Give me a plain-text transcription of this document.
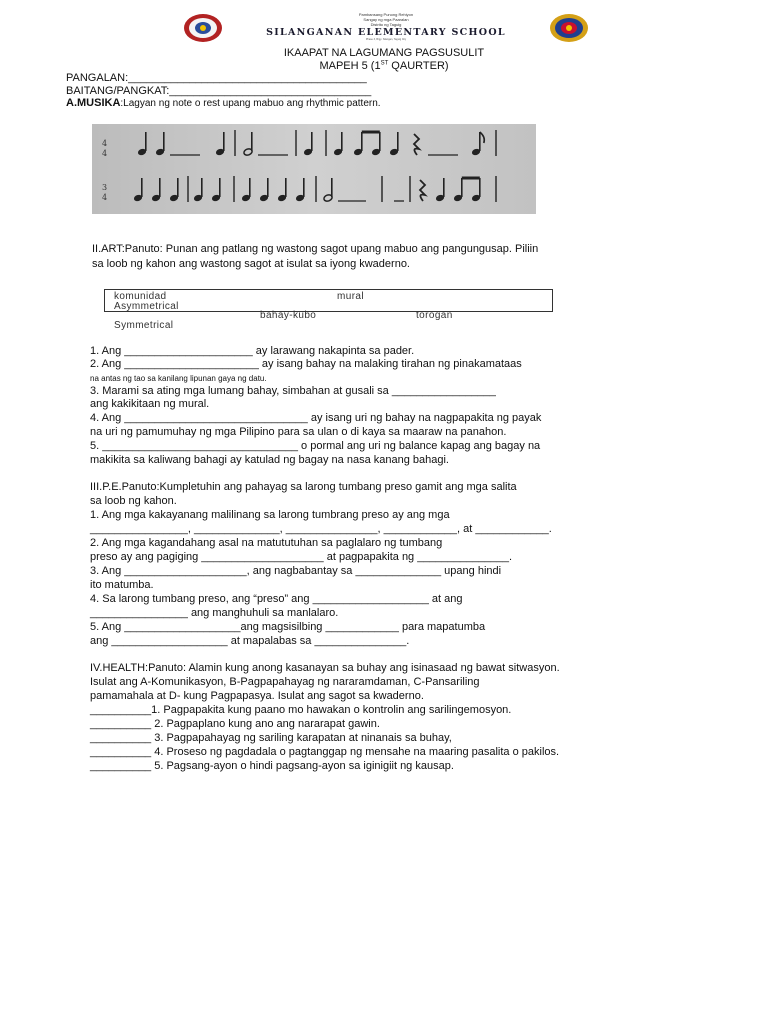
Pambansang Punong Rehiyon
Sangay ng mga Paaralan
Distrito ng Taguig
SILANGANAN ELEMENTARY SCHOOL
Phase 3, Brgy. Silangan, Taguig City
IKAAPAT NA LAGUMANG PAGSUSULIT
MAPEH 5 (1ST QAURTER)
PANGALAN:_______________________________________
BAITANG/PANGKAT:_________________________________
A.MUSIKA:Lagyan ng note o rest upang mabuo ang rhythmic pattern.
4
4
3
4
II.ART:Panuto: Punan ang patlang ng wastong sagot upang mabuo ang pangungusap. Piliin
sa loob ng kahon ang wastong sagot at isulat sa iyong kwaderno.
komunidad	mural
Asymmetrical
bahay-kubo	torogan
Symmetrical
1. Ang _____________________ ay larawang nakapinta sa pader.
2. Ang ______________________ ay isang bahay na malaking tirahan ng pinakamataas
na antas ng tao sa kanilang lipunan gaya ng datu.
3. Marami sa ating mga lumang bahay, simbahan at gusali sa _________________
ang kakikitaan ng mural.
4. Ang ______________________________ ay isang uri ng bahay na nagpapakita ng payak
na uri ng pamumuhay ng mga Pilipino para sa ulan o di kaya sa maaraw na panahon.
5. ________________________________ o pormal ang uri ng balance kapag ang bagay na
makikita sa kaliwang bahagi ay katulad ng bagay na nasa kanang bahagi.
III.P.E.Panuto:Kumpletuhin ang pahayag sa larong tumbang preso gamit ang mga salita
sa loob ng kahon.
1. Ang mga kakayanang malilinang sa larong tumbrang preso ay ang mga
________________, ______________, _______________, ____________, at ____________.
2. Ang mga kagandahang asal na matututuhan sa paglalaro ng tumbang
preso ay ang pagiging ____________________ at pagpapakita ng _______________.
3. Ang ____________________, ang nagbabantay sa ______________ upang hindi
ito matumba.
4. Sa larong tumbang preso, ang “preso” ang ___________________ at ang
________________ ang manghuhuli sa manlalaro.
5. Ang ___________________ang magsisilbing ____________ para mapatumba
ang ___________________ at mapalabas sa _______________.
IV.HEALTH:Panuto: Alamin kung anong kasanayan sa buhay ang isinasaad ng bawat sitwasyon.
Isulat ang A-Komunikasyon, B-Pagpapahayag ng nararamdaman, C-Pansariling
pamamahala at D- kung Pagpapasya. Isulat ang sagot sa kwaderno.
__________1. Pagpapakita kung paano mo hawakan o kontrolin ang sarilingemosyon.
__________ 2. Pagpaplano kung ano ang nararapat gawin.
__________ 3. Pagpapahayag ng sariling karapatan at ninanais sa buhay,
__________ 4. Proseso ng pagdadala o pagtanggap ng mensahe na maaring pasalita o pakilos.
__________ 5. Pagsang-ayon o hindi pagsang-ayon sa iginigiit ng kausap.
